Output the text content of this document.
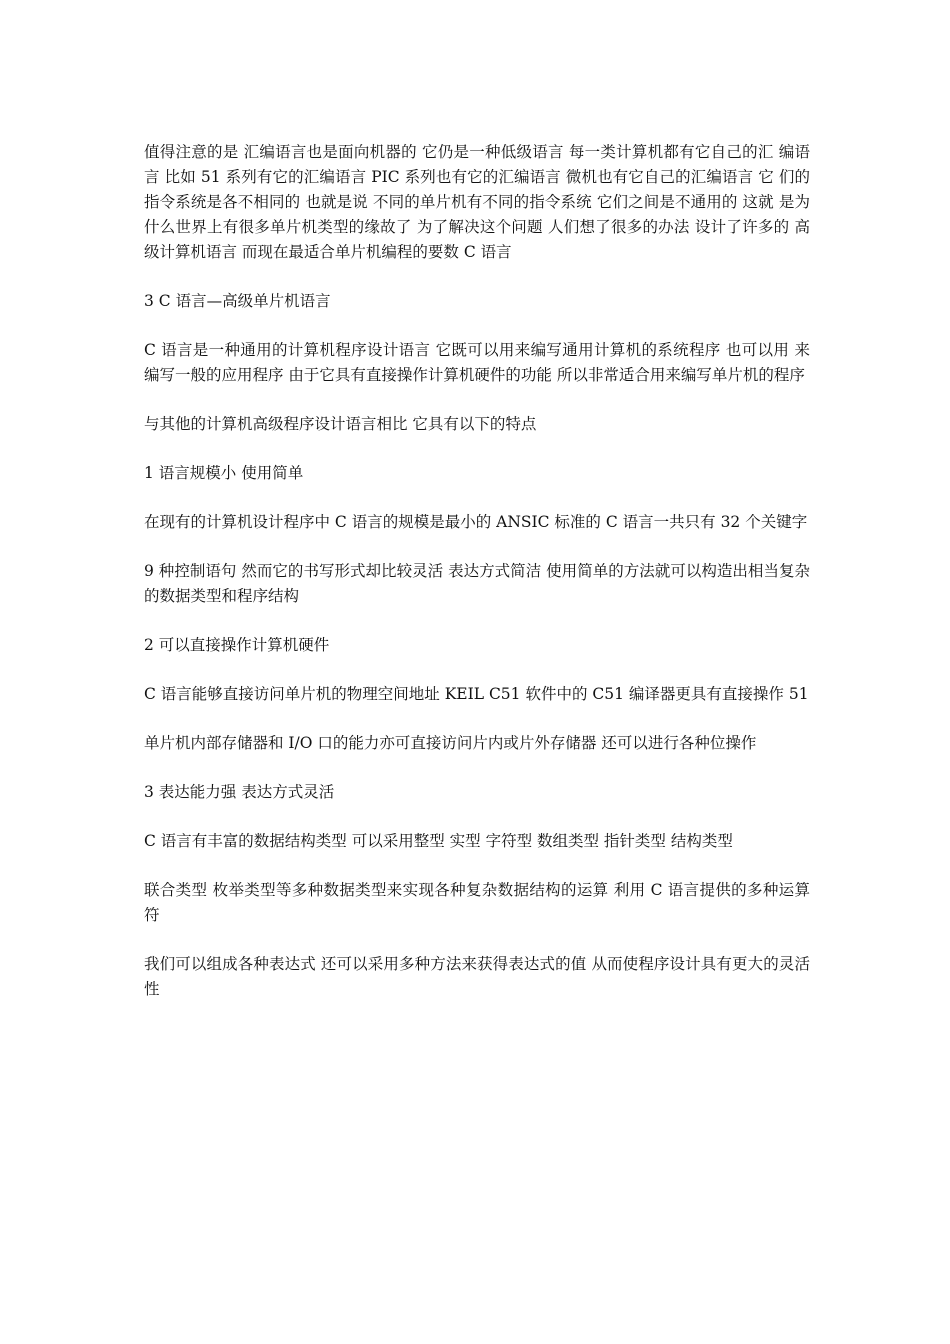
值得注意的是 汇编语言也是面向机器的 它仍是一种低级语言 每一类计算机都有它自己的汇 编语言 比如 51 系列有它的汇编语言 PIC 系列也有它的汇编语言 微机也有它自己的汇编语言 它 们的指令系统是各不相同的 也就是说 不同的单片机有不同的指令系统 它们之间是不通用的 这就 是为什么世界上有很多单片机类型的缘故了 为了解决这个问题 人们想了很多的办法 设计了许多的 高级计算机语言 而现在最适合单片机编程的要数 C 语言

3 C 语言—高级单片机语言

C 语言是一种通用的计算机程序设计语言 它既可以用来编写通用计算机的系统程序 也可以用 来编写一般的应用程序 由于它具有直接操作计算机硬件的功能 所以非常适合用来编写单片机的程序

与其他的计算机高级程序设计语言相比 它具有以下的特点

1 语言规模小 使用简单

在现有的计算机设计程序中 C 语言的规模是最小的 ANSIC 标准的 C 语言一共只有 32 个关键字

9 种控制语句 然而它的书写形式却比较灵活 表达方式简洁 使用简单的方法就可以构造出相当复杂 的数据类型和程序结构

2 可以直接操作计算机硬件

C 语言能够直接访问单片机的物理空间地址 KEIL C51 软件中的 C51 编译器更具有直接操作 51

单片机内部存储器和 I/O 口的能力亦可直接访问片内或片外存储器 还可以进行各种位操作

3 表达能力强 表达方式灵活

C 语言有丰富的数据结构类型 可以采用整型 实型 字符型 数组类型 指针类型 结构类型

联合类型 枚举类型等多种数据类型来实现各种复杂数据结构的运算 利用 C 语言提供的多种运算符

我们可以组成各种表达式 还可以采用多种方法来获得表达式的值 从而使程序设计具有更大的灵活性
